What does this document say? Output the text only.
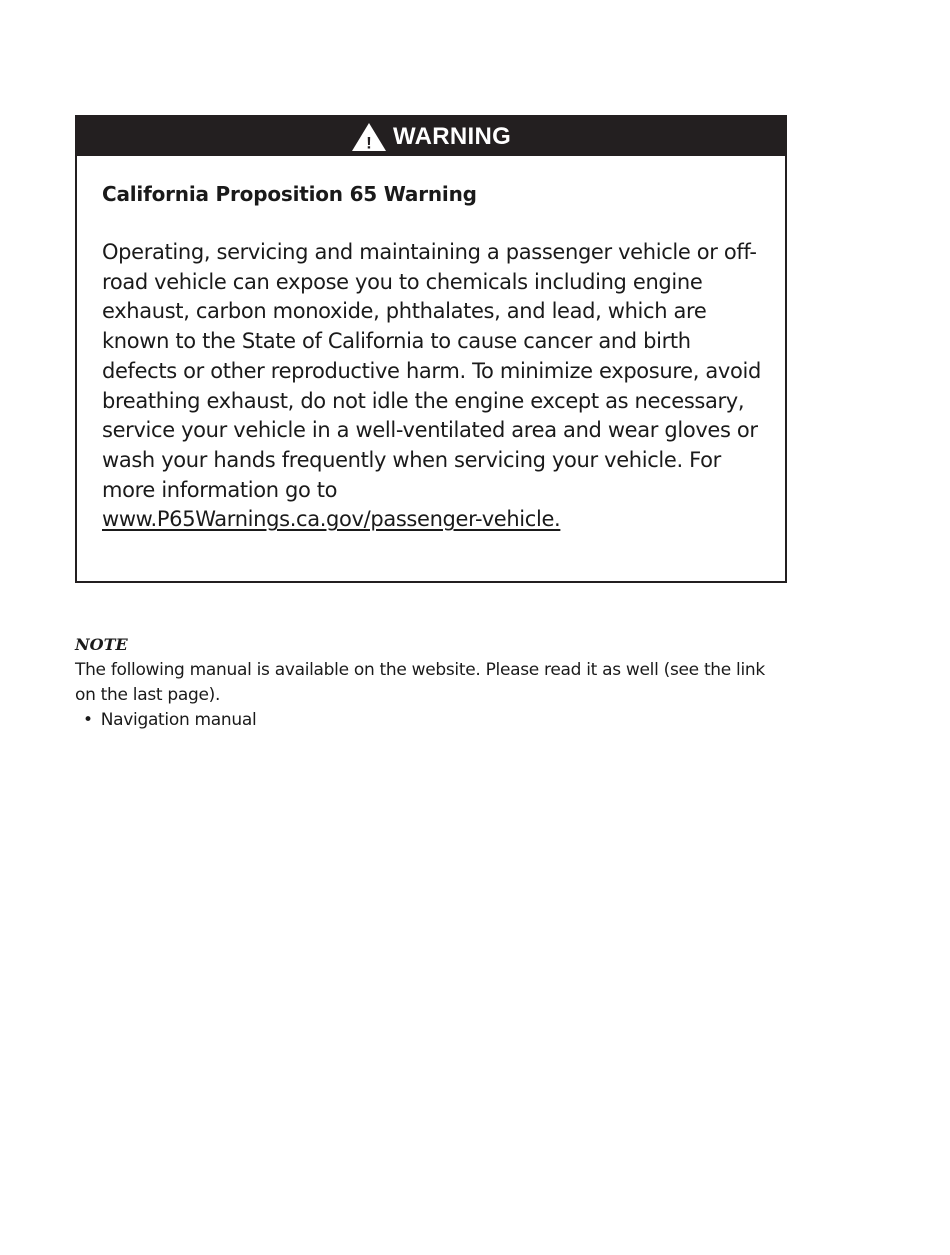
! WARNING

California Proposition 65 Warning

Operating, servicing and maintaining a passenger vehicle or off-road vehicle can expose you to chemicals including engine exhaust, carbon monoxide, phthalates, and lead, which are known to the State of California to cause cancer and birth defects or other reproductive harm. To minimize exposure, avoid breathing exhaust, do not idle the engine except as necessary, service your vehicle in a well-ventilated area and wear gloves or wash your hands frequently when servicing your vehicle. For more information go to
www.P65Warnings.ca.gov/passenger-vehicle.

NOTE

The following manual is available on the website. Please read it as well (see the link on the last page).

• Navigation manual
